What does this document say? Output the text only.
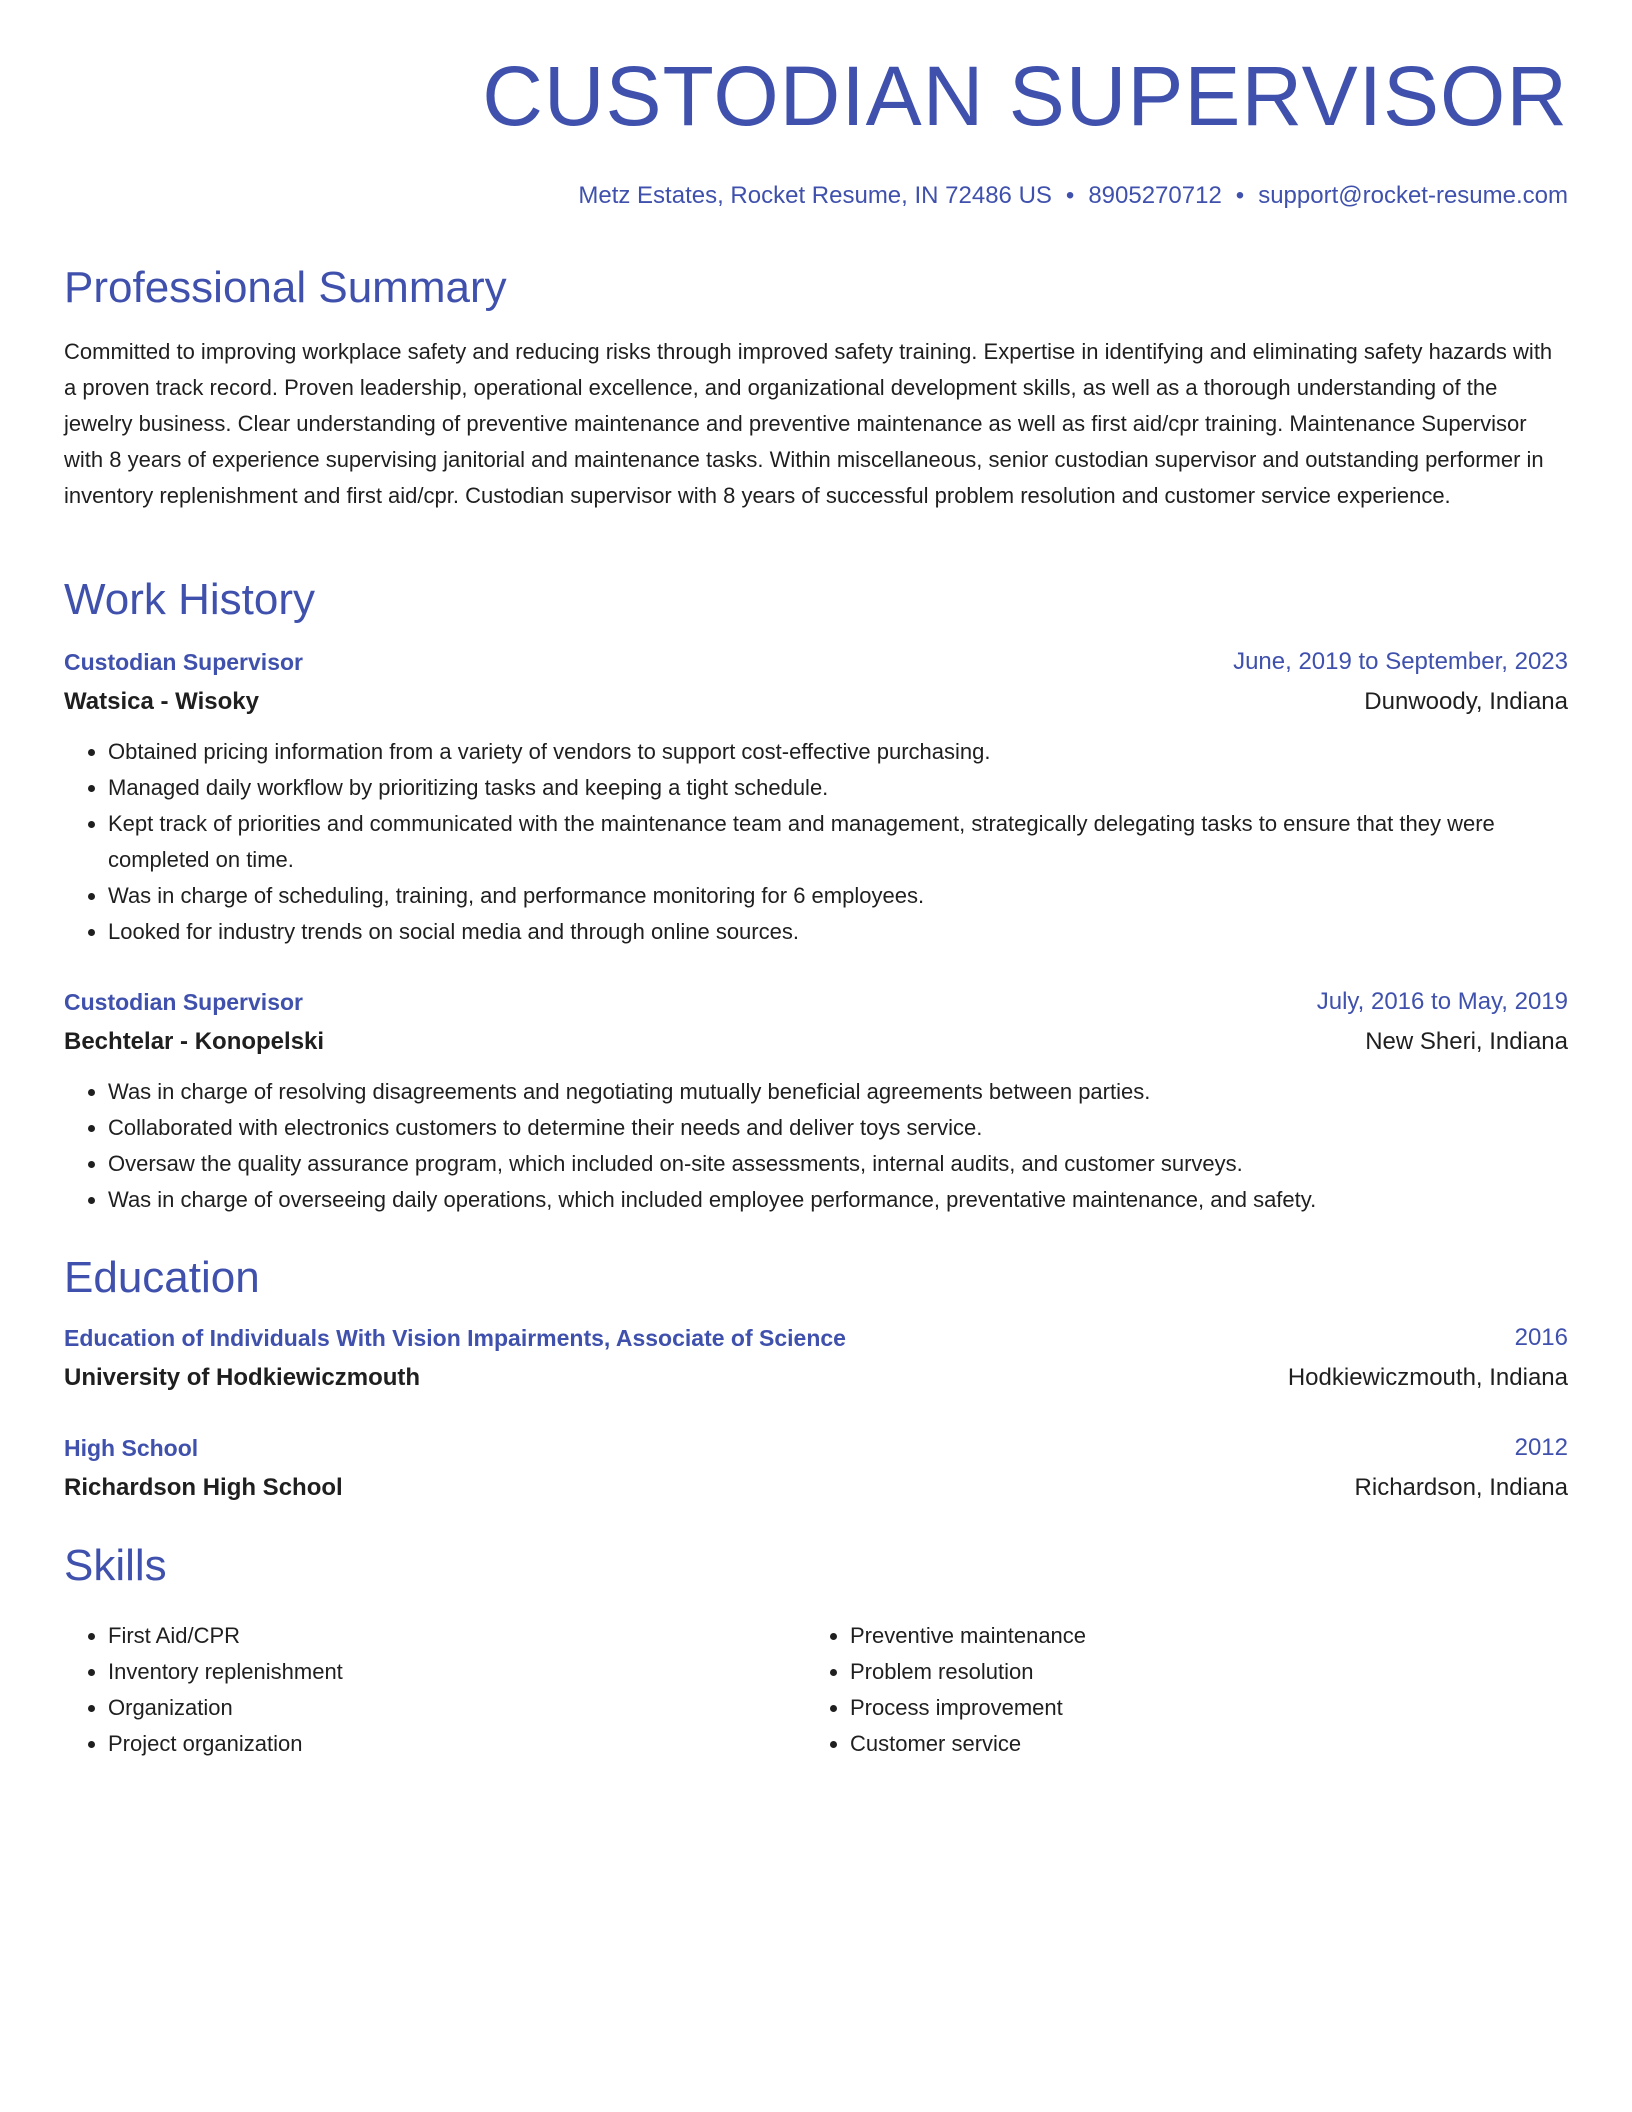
CUSTODIAN SUPERVISOR
Metz Estates, Rocket Resume, IN 72486 US • 8905270712 • support@rocket-resume.com
Professional Summary

Committed to improving workplace safety and reducing risks through improved safety training. Expertise in identifying and eliminating safety hazards with a proven track record. Proven leadership, operational excellence, and organizational development skills, as well as a thorough understanding of the jewelry business. Clear understanding of preventive maintenance and preventive maintenance as well as first aid/cpr training. Maintenance Supervisor with 8 years of experience supervising janitorial and maintenance tasks. Within miscellaneous, senior custodian supervisor and outstanding performer in inventory replenishment and first aid/cpr. Custodian supervisor with 8 years of successful problem resolution and customer service experience.

Work History
Custodian Supervisor	June, 2019 to September, 2023
Watsica - Wisoky	Dunwoody, Indiana
• Obtained pricing information from a variety of vendors to support cost-effective purchasing.
• Managed daily workflow by prioritizing tasks and keeping a tight schedule.
• Kept track of priorities and communicated with the maintenance team and management, strategically delegating tasks to ensure that they were completed on time.
• Was in charge of scheduling, training, and performance monitoring for 6 employees.
• Looked for industry trends on social media and through online sources.
Custodian Supervisor	July, 2016 to May, 2019
Bechtelar - Konopelski	New Sheri, Indiana
• Was in charge of resolving disagreements and negotiating mutually beneficial agreements between parties.
• Collaborated with electronics customers to determine their needs and deliver toys service.
• Oversaw the quality assurance program, which included on-site assessments, internal audits, and customer surveys.
• Was in charge of overseeing daily operations, which included employee performance, preventative maintenance, and safety.
Education
Education of Individuals With Vision Impairments, Associate of Science	2016
University of Hodkiewiczmouth	Hodkiewiczmouth, Indiana
High School	2012
Richardson High School	Richardson, Indiana
Skills
• First Aid/CPR
• Inventory replenishment
• Organization
• Project organization
• Preventive maintenance
• Problem resolution
• Process improvement
• Customer service
